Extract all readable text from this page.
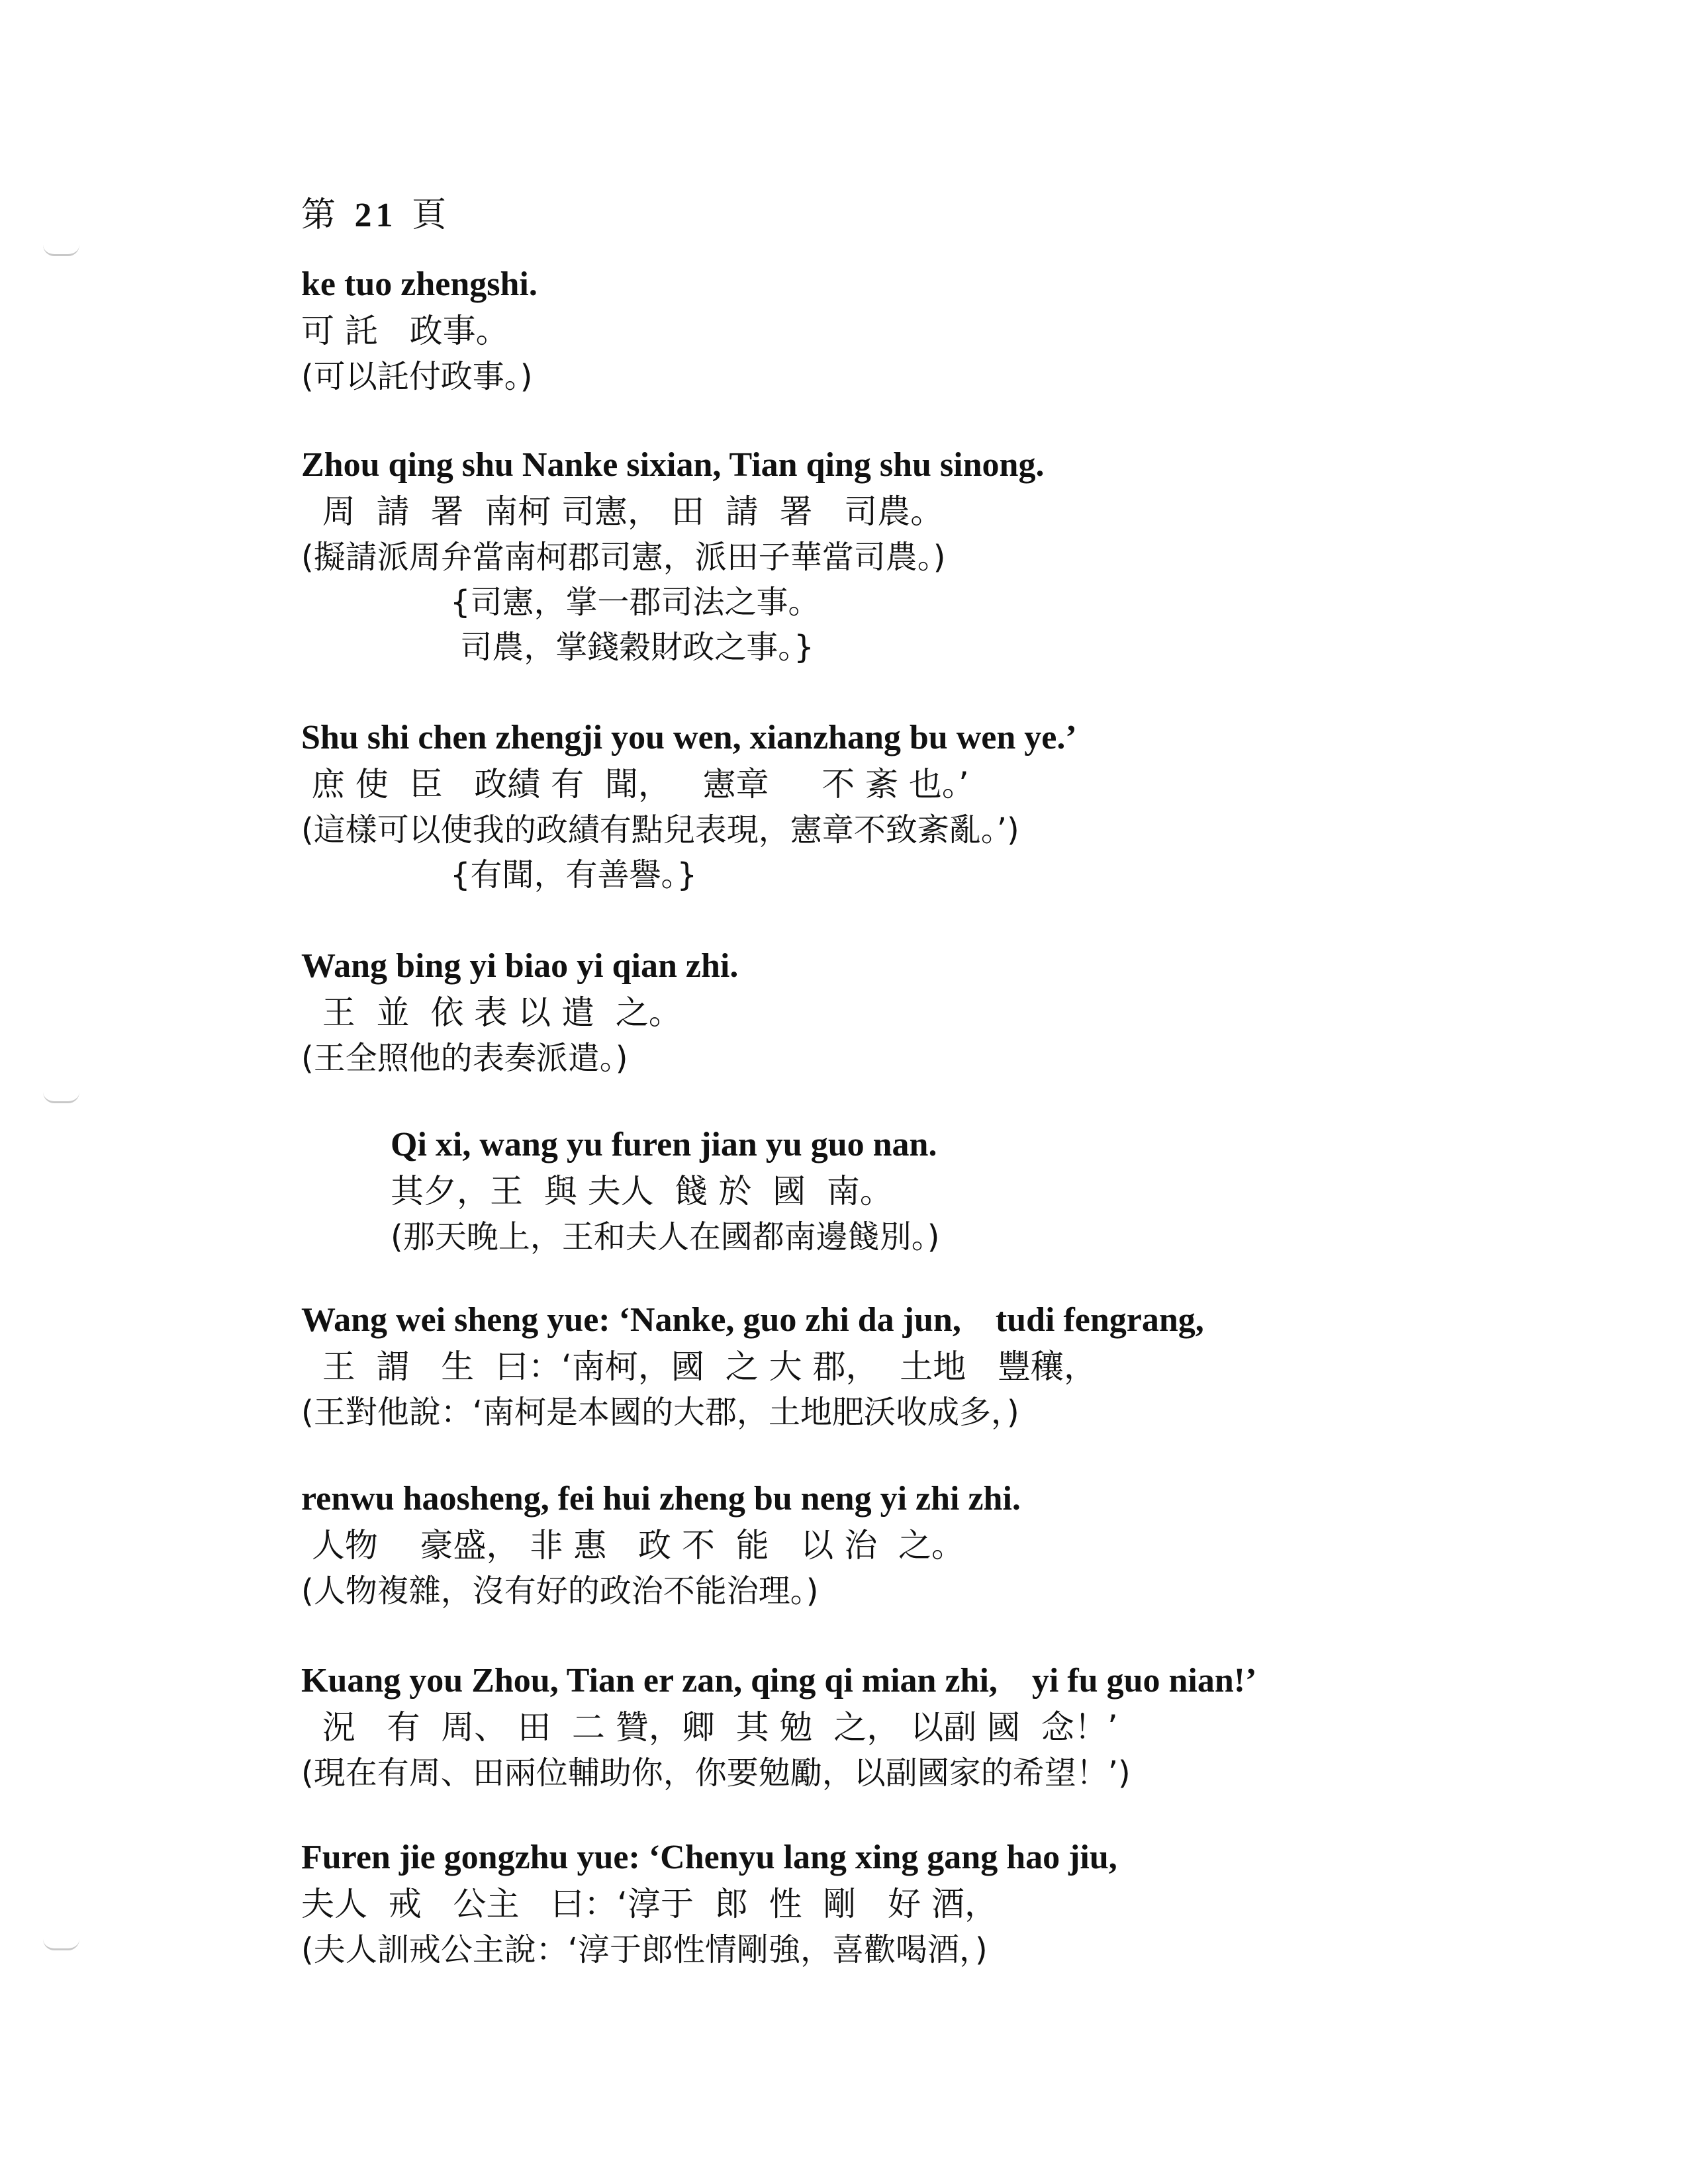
第 21 頁
ke tuo zhengshi.
可 託   政事。
(可以託付政事。)
Zhou qing shu Nanke sixian, Tian qing shu sinong.
周  請  署  南柯 司憲， 田  請  署   司農。
(擬請派周弁當南柯郡司憲，派田子華當司農。)
{司憲，掌一郡司法之事。
司農，掌錢穀財政之事。}
Shu shi chen zhengji you wen, xianzhang bu wen ye.’
庶 使  臣   政績 有  聞，   憲章     不 紊 也。’
(這樣可以使我的政績有點兒表現，憲章不致紊亂。’)
{有聞，有善譽。}
Wang bing yi biao yi qian zhi.
王  並  依 表 以 遣  之。
(王全照他的表奏派遣。)
Qi xi, wang yu furen jian yu guo nan.
其夕，王  與 夫人  餞 於  國  南。
(那天晚上，王和夫人在國都南邊餞別。)
Wang wei sheng yue: ‘Nanke, guo zhi da jun,    tudi fengrang,
王  謂   生  曰：‘南柯，國  之 大 郡，  土地   豐穰，
(王對他說：‘南柯是本國的大郡，土地肥沃收成多，)
renwu haosheng, fei hui zheng bu neng yi zhi zhi.
人物    豪盛， 非 惠   政 不  能   以 治  之。
(人物複雜，沒有好的政治不能治理。)
Kuang you Zhou, Tian er zan, qing qi mian zhi,    yi fu guo nian!’
況   有  周、 田  二 贊，卿  其 勉  之， 以副 國  念！’
(現在有周、田兩位輔助你，你要勉勵，以副國家的希望！’)
Furen jie gongzhu yue: ‘Chenyu lang xing gang hao jiu,
夫人  戒   公主   曰：‘淳于  郎  性  剛   好 酒，
(夫人訓戒公主說：‘淳于郎性情剛強，喜歡喝酒，)
